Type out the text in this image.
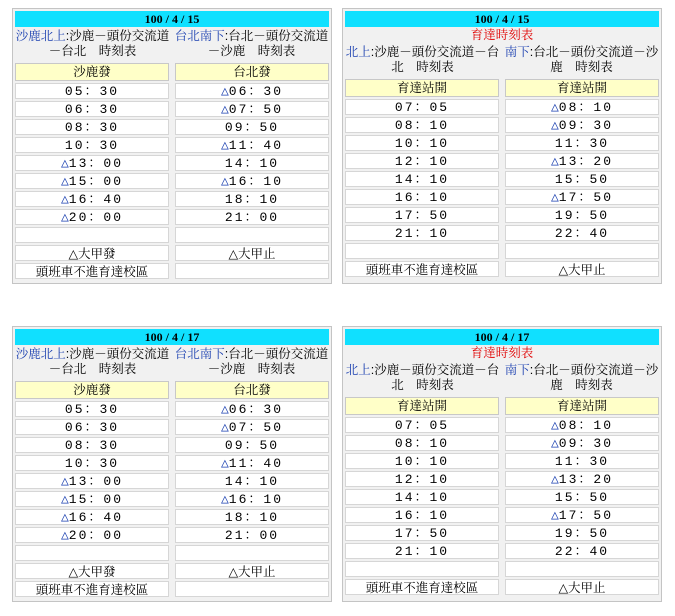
100 / 4 / 15
沙鹿北上:沙鹿－頭份交流道－台北　時刻表
台北南下:台北－頭份交流道－沙鹿　時刻表
沙鹿發
05：30
06：30
08：30
10：30
△13：00
△15：00
△16：40
△20：00

△大甲發
頭班車不進育達校區
台北發
△06：30
△07：50
09：50
△11：40
14：10
△16：10
18：10
21：00

△大甲止

100 / 4 / 15
育達時刻表
北上:沙鹿－頭份交流道－台北　時刻表
南下:台北－頭份交流道－沙鹿　時刻表
育達站開
07：05
08：10
10：10
12：10
14：10
16：10
17：50
21：10

頭班車不進育達校區
育達站開
△08：10
△09：30
11：30
△13：20
15：50
△17：50
19：50
22：40

△大甲止
100 / 4 / 17
沙鹿北上:沙鹿－頭份交流道－台北　時刻表
台北南下:台北－頭份交流道－沙鹿　時刻表
沙鹿發
05：30
06：30
08：30
10：30
△13：00
△15：00
△16：40
△20：00

△大甲發
頭班車不進育達校區
台北發
△06：30
△07：50
09：50
△11：40
14：10
△16：10
18：10
21：00

△大甲止

100 / 4 / 17
育達時刻表
北上:沙鹿－頭份交流道－台北　時刻表
南下:台北－頭份交流道－沙鹿　時刻表
育達站開
07：05
08：10
10：10
12：10
14：10
16：10
17：50
21：10

頭班車不進育達校區
育達站開
△08：10
△09：30
11：30
△13：20
15：50
△17：50
19：50
22：40

△大甲止
